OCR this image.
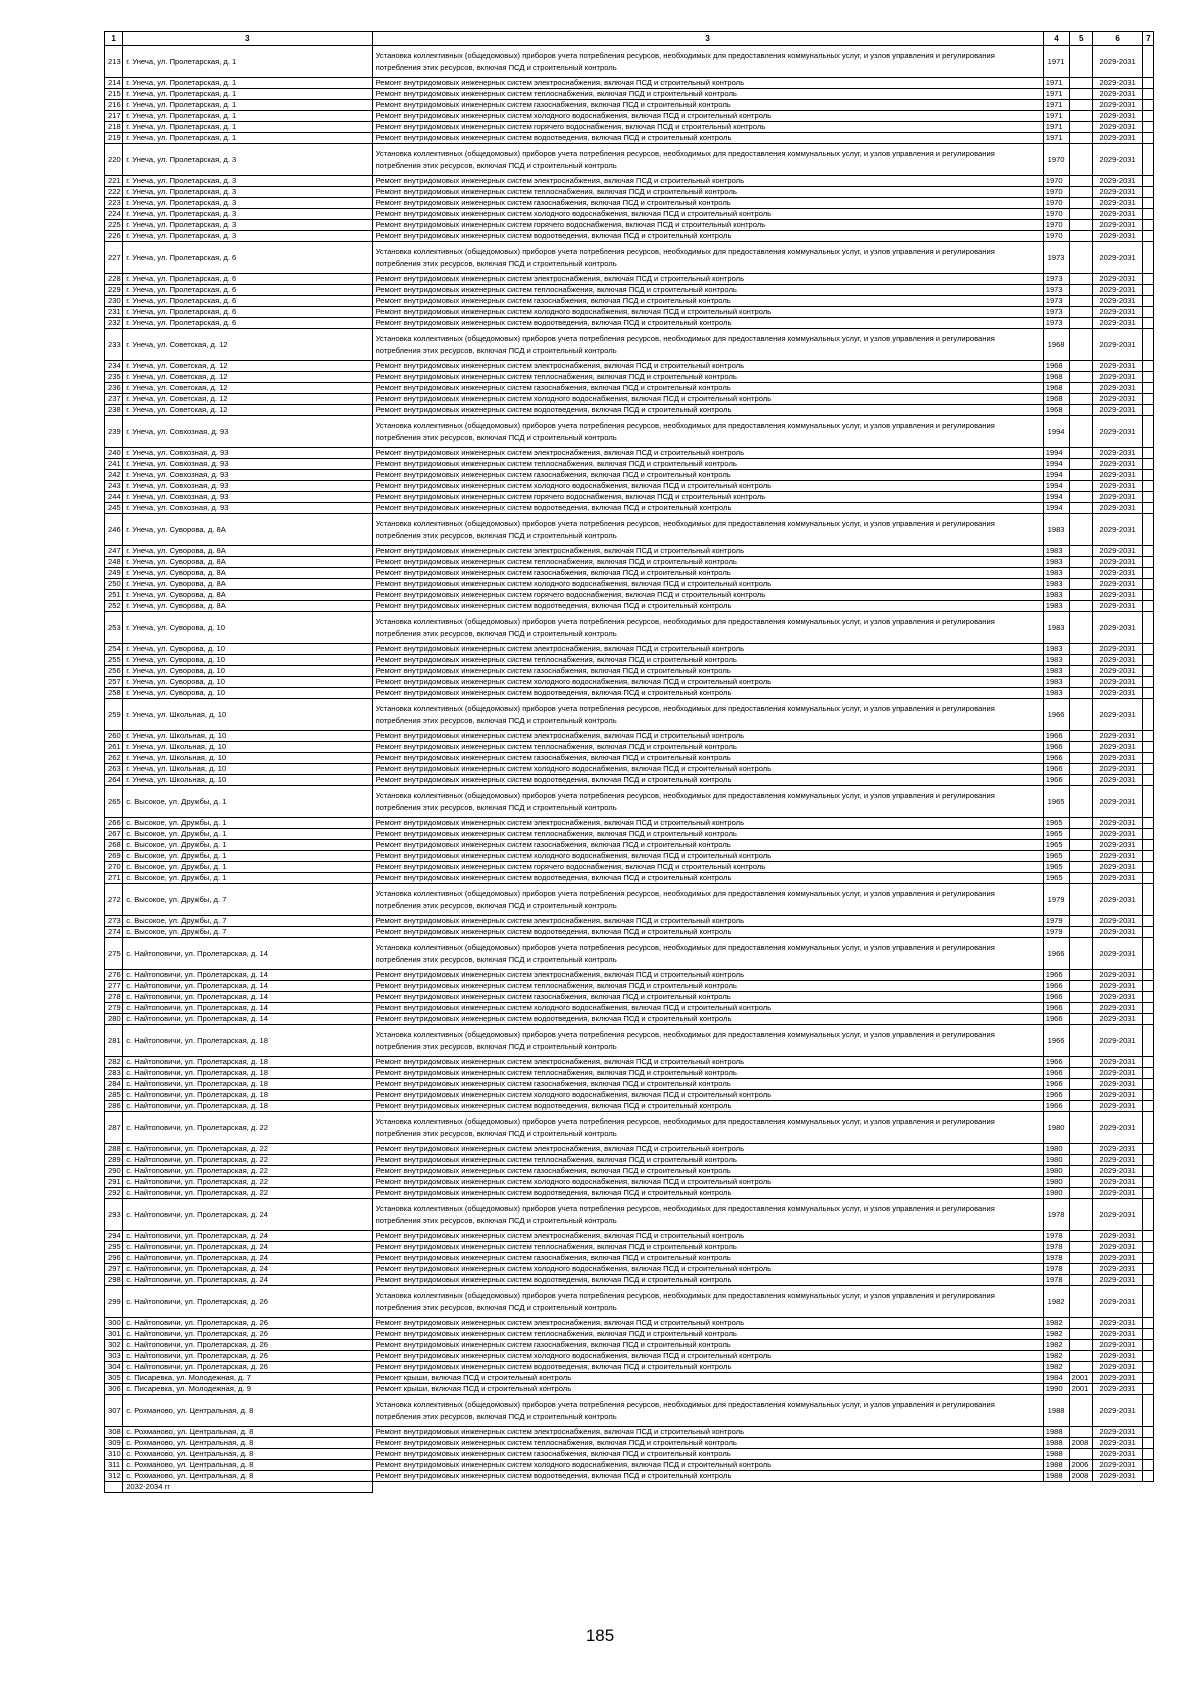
1	3	3	4	5	6	7
213	г. Унеча, ул. Пролетарская, д. 1	Установка коллективных (общедомовых) приборов учета потребления ресурсов, необходимых для предоставления коммунальных услуг, и узлов управления и регулирования потребления этих ресурсов, включая ПСД и строительный контроль	1971		2029-2031	
214	г. Унеча, ул. Пролетарская, д. 1	Ремонт внутридомовых инженерных систем электроснабжения, включая ПСД и строительный контроль	1971		2029-2031	
215	г. Унеча, ул. Пролетарская, д. 1	Ремонт внутридомовых инженерных систем теплоснабжения, включая ПСД и строительный контроль	1971		2029-2031	
216	г. Унеча, ул. Пролетарская, д. 1	Ремонт внутридомовых инженерных систем газоснабжения, включая ПСД и строительный контроль	1971		2029-2031	
217	г. Унеча, ул. Пролетарская, д. 1	Ремонт внутридомовых инженерных систем холодного водоснабжения, включая ПСД и строительный контроль	1971		2029-2031	
218	г. Унеча, ул. Пролетарская, д. 1	Ремонт внутридомовых инженерных систем горячего водоснабжения, включая ПСД и строительный контроль	1971		2029-2031	
219	г. Унеча, ул. Пролетарская, д. 1	Ремонт внутридомовых инженерных систем водоотведения, включая ПСД и строительный контроль	1971		2029-2031	
220	г. Унеча, ул. Пролетарская, д. 3	Установка коллективных (общедомовых) приборов учета потребления ресурсов, необходимых для предоставления коммунальных услуг, и узлов управления и регулирования потребления этих ресурсов, включая ПСД и строительный контроль	1970		2029-2031	
221	г. Унеча, ул. Пролетарская, д. 3	Ремонт внутридомовых инженерных систем электроснабжения, включая ПСД и строительный контроль	1970		2029-2031	
222	г. Унеча, ул. Пролетарская, д. 3	Ремонт внутридомовых инженерных систем теплоснабжения, включая ПСД и строительный контроль	1970		2029-2031	
223	г. Унеча, ул. Пролетарская, д. 3	Ремонт внутридомовых инженерных систем газоснабжения, включая ПСД и строительный контроль	1970		2029-2031	
224	г. Унеча, ул. Пролетарская, д. 3	Ремонт внутридомовых инженерных систем холодного водоснабжения, включая ПСД и строительный контроль	1970		2029-2031	
225	г. Унеча, ул. Пролетарская, д. 3	Ремонт внутридомовых инженерных систем горячего водоснабжения, включая ПСД и строительный контроль	1970		2029-2031	
226	г. Унеча, ул. Пролетарская, д. 3	Ремонт внутридомовых инженерных систем водоотведения, включая ПСД и строительный контроль	1970		2029-2031	
227	г. Унеча, ул. Пролетарская, д. 6	Установка коллективных (общедомовых) приборов учета потребления ресурсов, необходимых для предоставления коммунальных услуг, и узлов управления и регулирования потребления этих ресурсов, включая ПСД и строительный контроль	1973		2029-2031	
228	г. Унеча, ул. Пролетарская, д. 6	Ремонт внутридомовых инженерных систем электроснабжения, включая ПСД и строительный контроль	1973		2029-2031	
229	г. Унеча, ул. Пролетарская, д. 6	Ремонт внутридомовых инженерных систем теплоснабжения, включая ПСД и строительный контроль	1973		2029-2031	
230	г. Унеча, ул. Пролетарская, д. 6	Ремонт внутридомовых инженерных систем газоснабжения, включая ПСД и строительный контроль	1973		2029-2031	
231	г. Унеча, ул. Пролетарская, д. 6	Ремонт внутридомовых инженерных систем холодного водоснабжения, включая ПСД и строительный контроль	1973		2029-2031	
232	г. Унеча, ул. Пролетарская, д. 6	Ремонт внутридомовых инженерных систем водоотведения, включая ПСД и строительный контроль	1973		2029-2031	
233	г. Унеча, ул. Советская, д. 12	Установка коллективных (общедомовых) приборов учета потребления ресурсов, необходимых для предоставления коммунальных услуг, и узлов управления и регулирования потребления этих ресурсов, включая ПСД и строительный контроль	1968		2029-2031	
234	г. Унеча, ул. Советская, д. 12	Ремонт внутридомовых инженерных систем электроснабжения, включая ПСД и строительный контроль	1968		2029-2031	
235	г. Унеча, ул. Советская, д. 12	Ремонт внутридомовых инженерных систем теплоснабжения, включая ПСД и строительный контроль	1968		2029-2031	
236	г. Унеча, ул. Советская, д. 12	Ремонт внутридомовых инженерных систем газоснабжения, включая ПСД и строительный контроль	1968		2029-2031	
237	г. Унеча, ул. Советская, д. 12	Ремонт внутридомовых инженерных систем холодного водоснабжения, включая ПСД и строительный контроль	1968		2029-2031	
238	г. Унеча, ул. Советская, д. 12	Ремонт внутридомовых инженерных систем водоотведения, включая ПСД и строительный контроль	1968		2029-2031	
239	г. Унеча, ул. Совхозная, д. 93	Установка коллективных (общедомовых) приборов учета потребления ресурсов, необходимых для предоставления коммунальных услуг, и узлов управления и регулирования потребления этих ресурсов, включая ПСД и строительный контроль	1994		2029-2031	
240	г. Унеча, ул. Совхозная, д. 93	Ремонт внутридомовых инженерных систем электроснабжения, включая ПСД и строительный контроль	1994		2029-2031	
241	г. Унеча, ул. Совхозная, д. 93	Ремонт внутридомовых инженерных систем теплоснабжения, включая ПСД и строительный контроль	1994		2029-2031	
242	г. Унеча, ул. Совхозная, д. 93	Ремонт внутридомовых инженерных систем газоснабжения, включая ПСД и строительный контроль	1994		2029-2031	
243	г. Унеча, ул. Совхозная, д. 93	Ремонт внутридомовых инженерных систем холодного водоснабжения, включая ПСД и строительный контроль	1994		2029-2031	
244	г. Унеча, ул. Совхозная, д. 93	Ремонт внутридомовых инженерных систем горячего водоснабжения, включая ПСД и строительный контроль	1994		2029-2031	
245	г. Унеча, ул. Совхозная, д. 93	Ремонт внутридомовых инженерных систем водоотведения, включая ПСД и строительный контроль	1994		2029-2031	
246	г. Унеча, ул. Суворова, д. 8А	Установка коллективных (общедомовых) приборов учета потребления ресурсов, необходимых для предоставления коммунальных услуг, и узлов управления и регулирования потребления этих ресурсов, включая ПСД и строительный контроль	1983		2029-2031	
247	г. Унеча, ул. Суворова, д. 8А	Ремонт внутридомовых инженерных систем электроснабжения, включая ПСД и строительный контроль	1983		2029-2031	
248	г. Унеча, ул. Суворова, д. 8А	Ремонт внутридомовых инженерных систем теплоснабжения, включая ПСД и строительный контроль	1983		2029-2031	
249	г. Унеча, ул. Суворова, д. 8А	Ремонт внутридомовых инженерных систем газоснабжения, включая ПСД и строительный контроль	1983		2029-2031	
250	г. Унеча, ул. Суворова, д. 8А	Ремонт внутридомовых инженерных систем холодного водоснабжения, включая ПСД и строительный контроль	1983		2029-2031	
251	г. Унеча, ул. Суворова, д. 8А	Ремонт внутридомовых инженерных систем горячего водоснабжения, включая ПСД и строительный контроль	1983		2029-2031	
252	г. Унеча, ул. Суворова, д. 8А	Ремонт внутридомовых инженерных систем водоотведения, включая ПСД и строительный контроль	1983		2029-2031	
253	г. Унеча, ул. Суворова, д. 10	Установка коллективных (общедомовых) приборов учета потребления ресурсов, необходимых для предоставления коммунальных услуг, и узлов управления и регулирования потребления этих ресурсов, включая ПСД и строительный контроль	1983		2029-2031	
254	г. Унеча, ул. Суворова, д. 10	Ремонт внутридомовых инженерных систем электроснабжения, включая ПСД и строительный контроль	1983		2029-2031	
255	г. Унеча, ул. Суворова, д. 10	Ремонт внутридомовых инженерных систем теплоснабжения, включая ПСД и строительный контроль	1983		2029-2031	
256	г. Унеча, ул. Суворова, д. 10	Ремонт внутридомовых инженерных систем газоснабжения, включая ПСД и строительный контроль	1983		2029-2031	
257	г. Унеча, ул. Суворова, д. 10	Ремонт внутридомовых инженерных систем холодного водоснабжения, включая ПСД и строительный контроль	1983		2029-2031	
258	г. Унеча, ул. Суворова, д. 10	Ремонт внутридомовых инженерных систем водоотведения, включая ПСД и строительный контроль	1983		2029-2031	
259	г. Унеча, ул. Школьная, д. 10	Установка коллективных (общедомовых) приборов учета потребления ресурсов, необходимых для предоставления коммунальных услуг, и узлов управления и регулирования потребления этих ресурсов, включая ПСД и строительный контроль	1966		2029-2031	
260	г. Унеча, ул. Школьная, д. 10	Ремонт внутридомовых инженерных систем электроснабжения, включая ПСД и строительный контроль	1966		2029-2031	
261	г. Унеча, ул. Школьная, д. 10	Ремонт внутридомовых инженерных систем теплоснабжения, включая ПСД и строительный контроль	1966		2029-2031	
262	г. Унеча, ул. Школьная, д. 10	Ремонт внутридомовых инженерных систем газоснабжения, включая ПСД и строительный контроль	1966		2029-2031	
263	г. Унеча, ул. Школьная, д. 10	Ремонт внутридомовых инженерных систем холодного водоснабжения, включая ПСД и строительный контроль	1966		2029-2031	
264	г. Унеча, ул. Школьная, д. 10	Ремонт внутридомовых инженерных систем водоотведения, включая ПСД и строительный контроль	1966		2029-2031	
265	с. Высокое, ул. Дружбы, д. 1	Установка коллективных (общедомовых) приборов учета потребления ресурсов, необходимых для предоставления коммунальных услуг, и узлов управления и регулирования потребления этих ресурсов, включая ПСД и строительный контроль	1965		2029-2031	
266	с. Высокое, ул. Дружбы, д. 1	Ремонт внутридомовых инженерных систем электроснабжения, включая ПСД и строительный контроль	1965		2029-2031	
267	с. Высокое, ул. Дружбы, д. 1	Ремонт внутридомовых инженерных систем теплоснабжения, включая ПСД и строительный контроль	1965		2029-2031	
268	с. Высокое, ул. Дружбы, д. 1	Ремонт внутридомовых инженерных систем газоснабжения, включая ПСД и строительный контроль	1965		2029-2031	
269	с. Высокое, ул. Дружбы, д. 1	Ремонт внутридомовых инженерных систем холодного водоснабжения, включая ПСД и строительный контроль	1965		2029-2031	
270	с. Высокое, ул. Дружбы, д. 1	Ремонт внутридомовых инженерных систем горячего водоснабжения, включая ПСД и строительный контроль	1965		2029-2031	
271	с. Высокое, ул. Дружбы, д. 1	Ремонт внутридомовых инженерных систем водоотведения, включая ПСД и строительный контроль	1965		2029-2031	
272	с. Высокое, ул. Дружбы, д. 7	Установка коллективных (общедомовых) приборов учета потребления ресурсов, необходимых для предоставления коммунальных услуг, и узлов управления и регулирования потребления этих ресурсов, включая ПСД и строительный контроль	1979		2029-2031	
273	с. Высокое, ул. Дружбы, д. 7	Ремонт внутридомовых инженерных систем электроснабжения, включая ПСД и строительный контроль	1979		2029-2031	
274	с. Высокое, ул. Дружбы, д. 7	Ремонт внутридомовых инженерных систем водоотведения, включая ПСД и строительный контроль	1979		2029-2031	
275	с. Найтоповичи, ул. Пролетарская, д. 14	Установка коллективных (общедомовых) приборов учета потребления ресурсов, необходимых для предоставления коммунальных услуг, и узлов управления и регулирования потребления этих ресурсов, включая ПСД и строительный контроль	1966		2029-2031	
276	с. Найтоповичи, ул. Пролетарская, д. 14	Ремонт внутридомовых инженерных систем электроснабжения, включая ПСД и строительный контроль	1966		2029-2031	
277	с. Найтоповичи, ул. Пролетарская, д. 14	Ремонт внутридомовых инженерных систем теплоснабжения, включая ПСД и строительный контроль	1966		2029-2031	
278	с. Найтоповичи, ул. Пролетарская, д. 14	Ремонт внутридомовых инженерных систем газоснабжения, включая ПСД и строительный контроль	1966		2029-2031	
279	с. Найтоповичи, ул. Пролетарская, д. 14	Ремонт внутридомовых инженерных систем холодного водоснабжения, включая ПСД и строительный контроль	1966		2029-2031	
280	с. Найтоповичи, ул. Пролетарская, д. 14	Ремонт внутридомовых инженерных систем водоотведения, включая ПСД и строительный контроль	1966		2029-2031	
281	с. Найтоповичи, ул. Пролетарская, д. 18	Установка коллективных (общедомовых) приборов учета потребления ресурсов, необходимых для предоставления коммунальных услуг, и узлов управления и регулирования потребления этих ресурсов, включая ПСД и строительный контроль	1966		2029-2031	
282	с. Найтоповичи, ул. Пролетарская, д. 18	Ремонт внутридомовых инженерных систем электроснабжения, включая ПСД и строительный контроль	1966		2029-2031	
283	с. Найтоповичи, ул. Пролетарская, д. 18	Ремонт внутридомовых инженерных систем теплоснабжения, включая ПСД и строительный контроль	1966		2029-2031	
284	с. Найтоповичи, ул. Пролетарская, д. 18	Ремонт внутридомовых инженерных систем газоснабжения, включая ПСД и строительный контроль	1966		2029-2031	
285	с. Найтоповичи, ул. Пролетарская, д. 18	Ремонт внутридомовых инженерных систем холодного водоснабжения, включая ПСД и строительный контроль	1966		2029-2031	
286	с. Найтоповичи, ул. Пролетарская, д. 18	Ремонт внутридомовых инженерных систем водоотведения, включая ПСД и строительный контроль	1966		2029-2031	
287	с. Найтоповичи, ул. Пролетарская, д. 22	Установка коллективных (общедомовых) приборов учета потребления ресурсов, необходимых для предоставления коммунальных услуг, и узлов управления и регулирования потребления этих ресурсов, включая ПСД и строительный контроль	1980		2029-2031	
288	с. Найтоповичи, ул. Пролетарская, д. 22	Ремонт внутридомовых инженерных систем электроснабжения, включая ПСД и строительный контроль	1980		2029-2031	
289	с. Найтоповичи, ул. Пролетарская, д. 22	Ремонт внутридомовых инженерных систем теплоснабжения, включая ПСД и строительный контроль	1980		2029-2031	
290	с. Найтоповичи, ул. Пролетарская, д. 22	Ремонт внутридомовых инженерных систем газоснабжения, включая ПСД и строительный контроль	1980		2029-2031	
291	с. Найтоповичи, ул. Пролетарская, д. 22	Ремонт внутридомовых инженерных систем холодного водоснабжения, включая ПСД и строительный контроль	1980		2029-2031	
292	с. Найтоповичи, ул. Пролетарская, д. 22	Ремонт внутридомовых инженерных систем водоотведения, включая ПСД и строительный контроль	1980		2029-2031	
293	с. Найтоповичи, ул. Пролетарская, д. 24	Установка коллективных (общедомовых) приборов учета потребления ресурсов, необходимых для предоставления коммунальных услуг, и узлов управления и регулирования потребления этих ресурсов, включая ПСД и строительный контроль	1978		2029-2031	
294	с. Найтоповичи, ул. Пролетарская, д. 24	Ремонт внутридомовых инженерных систем электроснабжения, включая ПСД и строительный контроль	1978		2029-2031	
295	с. Найтоповичи, ул. Пролетарская, д. 24	Ремонт внутридомовых инженерных систем теплоснабжения, включая ПСД и строительный контроль	1978		2029-2031	
296	с. Найтоповичи, ул. Пролетарская, д. 24	Ремонт внутридомовых инженерных систем газоснабжения, включая ПСД и строительный контроль	1978		2029-2031	
297	с. Найтоповичи, ул. Пролетарская, д. 24	Ремонт внутридомовых инженерных систем холодного водоснабжения, включая ПСД и строительный контроль	1978		2029-2031	
298	с. Найтоповичи, ул. Пролетарская, д. 24	Ремонт внутридомовых инженерных систем водоотведения, включая ПСД и строительный контроль	1978		2029-2031	
299	с. Найтоповичи, ул. Пролетарская, д. 26	Установка коллективных (общедомовых) приборов учета потребления ресурсов, необходимых для предоставления коммунальных услуг, и узлов управления и регулирования потребления этих ресурсов, включая ПСД и строительный контроль	1982		2029-2031	
300	с. Найтоповичи, ул. Пролетарская, д. 26	Ремонт внутридомовых инженерных систем электроснабжения, включая ПСД и строительный контроль	1982		2029-2031	
301	с. Найтоповичи, ул. Пролетарская, д. 26	Ремонт внутридомовых инженерных систем теплоснабжения, включая ПСД и строительный контроль	1982		2029-2031	
302	с. Найтоповичи, ул. Пролетарская, д. 26	Ремонт внутридомовых инженерных систем газоснабжения, включая ПСД и строительный контроль	1982		2029-2031	
303	с. Найтоповичи, ул. Пролетарская, д. 26	Ремонт внутридомовых инженерных систем холодного водоснабжения, включая ПСД и строительный контроль	1982		2029-2031	
304	с. Найтоповичи, ул. Пролетарская, д. 26	Ремонт внутридомовых инженерных систем водоотведения, включая ПСД и строительный контроль	1982		2029-2031	
305	с. Писаревка, ул. Молодежная, д. 7	Ремонт крыши, включая ПСД и строительный контроль	1984	2001	2029-2031	
306	с. Писаревка, ул. Молодежная, д. 9	Ремонт крыши, включая ПСД и строительный контроль	1990	2001	2029-2031	
307	с. Рохманово, ул. Центральная, д. 8	Установка коллективных (общедомовых) приборов учета потребления ресурсов, необходимых для предоставления коммунальных услуг, и узлов управления и регулирования потребления этих ресурсов, включая ПСД и строительный контроль	1988		2029-2031	
308	с. Рохманово, ул. Центральная, д. 8	Ремонт внутридомовых инженерных систем электроснабжения, включая ПСД и строительный контроль	1988		2029-2031	
309	с. Рохманово, ул. Центральная, д. 8	Ремонт внутридомовых инженерных систем теплоснабжения, включая ПСД и строительный контроль	1988	2008	2029-2031	
310	с. Рохманово, ул. Центральная, д. 8	Ремонт внутридомовых инженерных систем газоснабжения, включая ПСД и строительный контроль	1988		2029-2031	
311	с. Рохманово, ул. Центральная, д. 8	Ремонт внутридомовых инженерных систем холодного водоснабжения, включая ПСД и строительный контроль	1988	2006	2029-2031	
312	с. Рохманово, ул. Центральная, д. 8	Ремонт внутридомовых инженерных систем водоотведения, включая ПСД и строительный контроль	1988	2008	2029-2031	
	2032-2034 гг					
185
